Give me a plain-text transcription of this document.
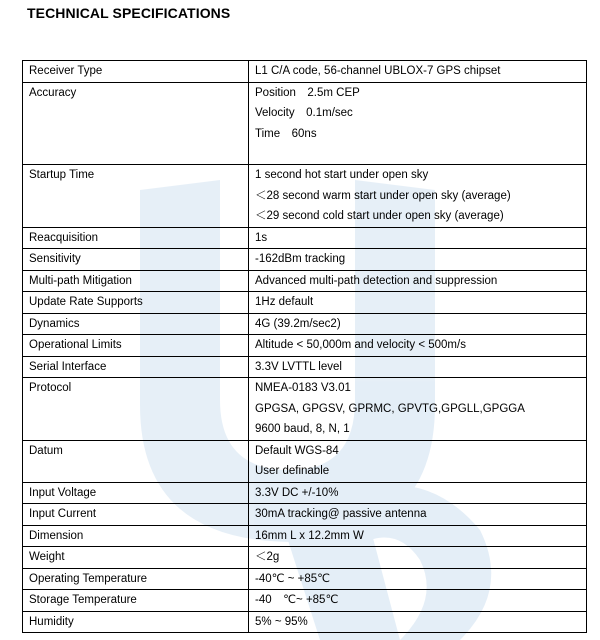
TECHNICAL SPECIFICATIONS
Receiver Type	L1 C/A code, 56-channel UBLOX-7 GPS chipset

Accuracy	Position　2.5m CEP
Velocity　0.1m/sec
Time　60ns

Startup Time	1 second hot start under open sky
＜28 second warm start under open sky (average)
＜29 second cold start under open sky (average)

Reacquisition	1s

Sensitivity	-162dBm tracking

Multi-path Mitigation	Advanced multi-path detection and suppression

Update Rate Supports	1Hz default

Dynamics	4G (39.2m/sec2)

Operational Limits	Altitude < 50,000m and velocity < 500m/s

Serial Interface	3.3V LVTTL level

Protocol	NMEA-0183 V3.01
GPGSA, GPGSV, GPRMC, GPVTG,GPGLL,GPGGA
9600 baud, 8, N, 1

Datum	Default WGS-84
User definable

Input Voltage	3.3V DC +/-10%

Input Current	30mA tracking@ passive antenna

Dimension	16mm L x 12.2mm W

Weight	＜2g

Operating Temperature	-40℃ ~ +85℃

Storage Temperature	-40　℃~ +85℃

Humidity	5% ~ 95%
